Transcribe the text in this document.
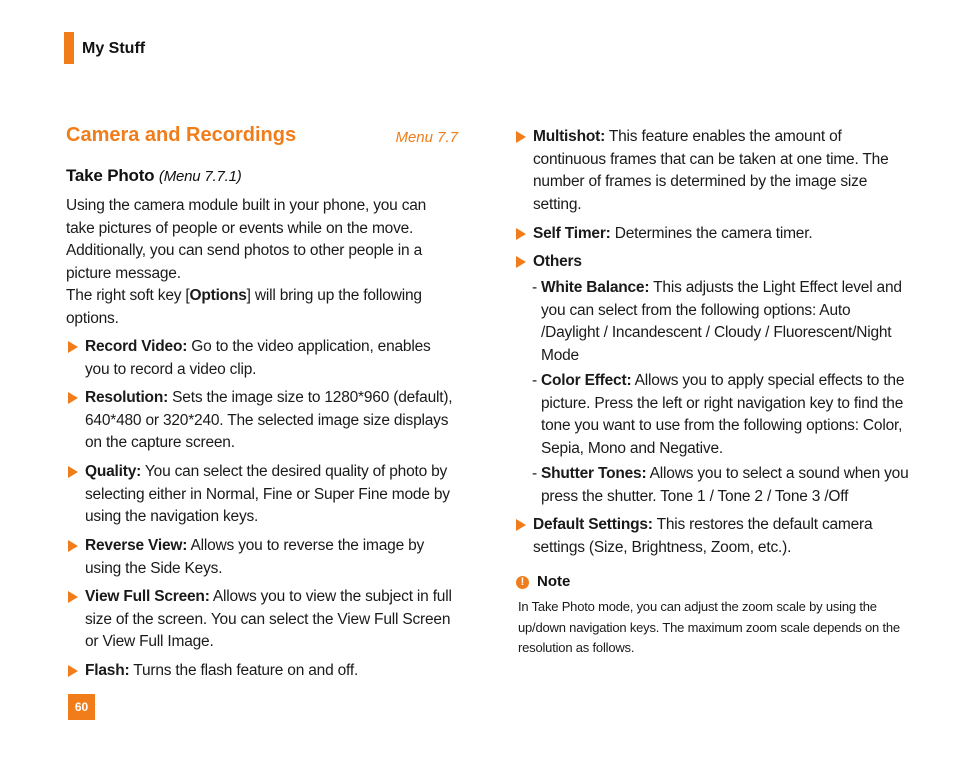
My Stuff
Camera and Recordings	Menu 7.7
Take Photo (Menu 7.7.1)
Using the camera module built in your phone, you can take pictures of people or events while on the move. Additionally, you can send photos to other people in a picture message.
The right soft key [Options] will bring up the following options.
Record Video: Go to the video application, enables you to record a video clip.
Resolution: Sets the image size to 1280*960 (default), 640*480 or 320*240. The selected image size displays on the capture screen.
Quality: You can select the desired quality of photo by selecting either in Normal, Fine or Super Fine mode by using the navigation keys.
Reverse View: Allows you to reverse the image by using the Side Keys.
View Full Screen: Allows you to view the subject in full size of the screen. You can select the View Full Screen or View Full Image.
Flash: Turns the flash feature on and off.
Multishot: This feature enables the amount of continuous frames that can be taken at one time. The number of frames is determined by the image size setting.
Self Timer: Determines the camera timer.
Others
- White Balance: This adjusts the Light Effect level and you can select from the following options: Auto /Daylight / Incandescent / Cloudy / Fluorescent/Night Mode
- Color Effect: Allows you to apply special effects to the picture. Press the left or right navigation key to find the tone you want to use from the following options: Color, Sepia, Mono and Negative.
- Shutter Tones: Allows you to select a sound when you press the shutter. Tone 1 / Tone 2 / Tone 3 /Off
Default Settings: This restores the default camera settings (Size, Brightness, Zoom, etc.).
! Note
In Take Photo mode, you can adjust the zoom scale by using the up/down navigation keys. The maximum zoom scale depends on the resolution as follows.
60
